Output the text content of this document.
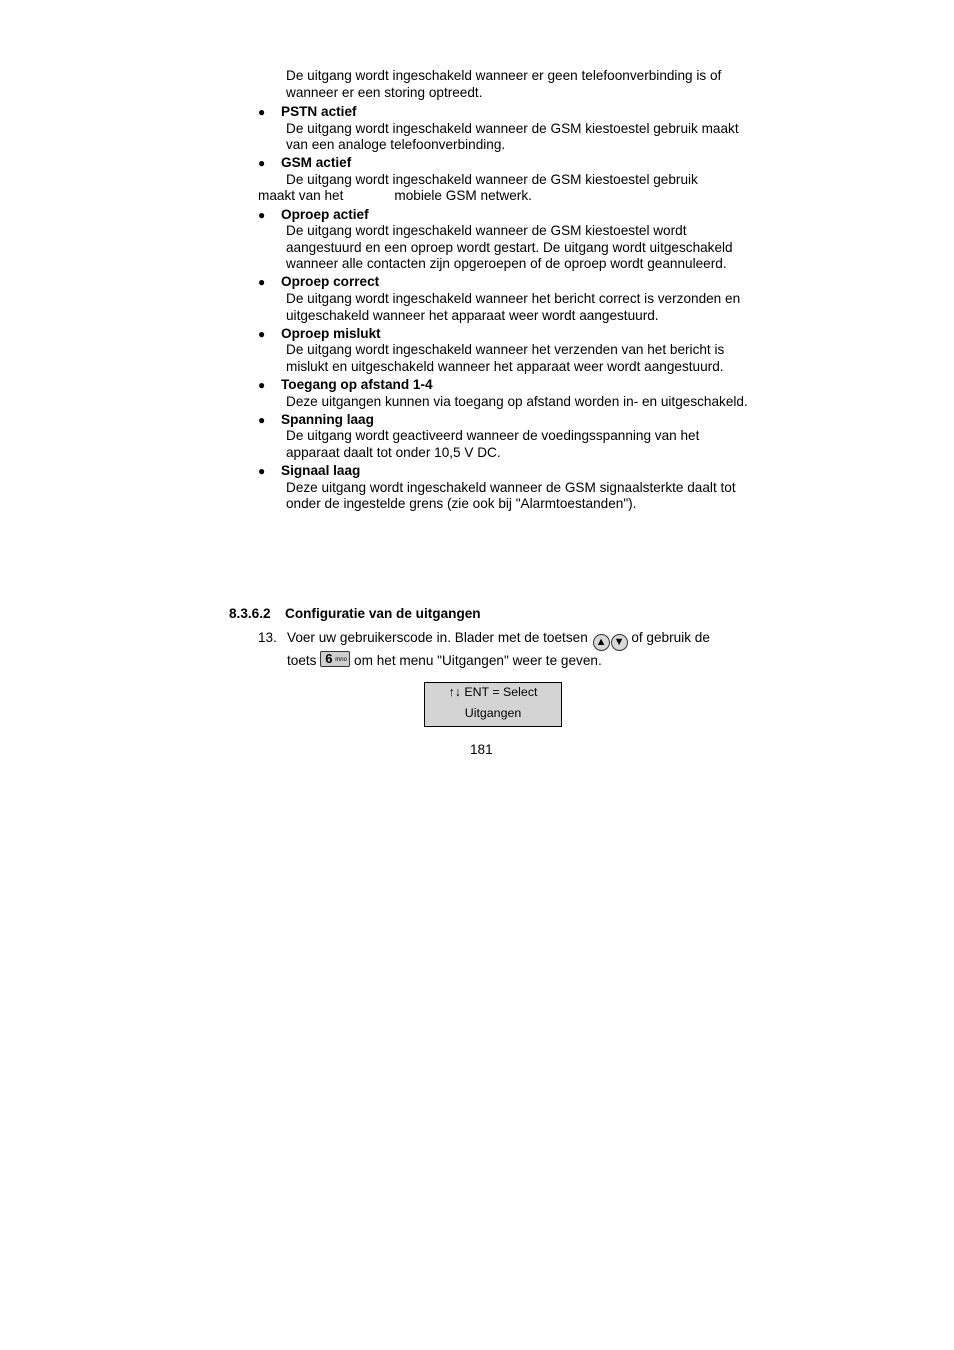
De uitgang wordt ingeschakeld wanneer er geen telefoonverbinding is of wanneer er een storing optreedt.
● PSTN actief
De uitgang wordt ingeschakeld wanneer de GSM kiestoestel gebruik maakt van een analoge telefoonverbinding.
● GSM actief
De uitgang wordt ingeschakeld wanneer de GSM kiestoestel gebruik
maakt van het	mobiele GSM netwerk.
● Oproep actief
De uitgang wordt ingeschakeld wanneer de GSM kiestoestel wordt aangestuurd en een oproep wordt gestart. De uitgang wordt uitgeschakeld wanneer alle contacten zijn opgeroepen of de oproep wordt geannuleerd.
● Oproep correct
De uitgang wordt ingeschakeld wanneer het bericht correct is verzonden en uitgeschakeld wanneer het apparaat weer wordt aangestuurd.
● Oproep mislukt
De uitgang wordt ingeschakeld wanneer het verzenden van het bericht is mislukt en uitgeschakeld wanneer het apparaat weer wordt aangestuurd.
● Toegang op afstand 1-4
Deze uitgangen kunnen via toegang op afstand worden in- en uitgeschakeld.
● Spanning laag
De uitgang wordt geactiveerd wanneer de voedingsspanning van het apparaat daalt tot onder 10,5 V DC.
● Signaal laag
Deze uitgang wordt ingeschakeld wanneer de GSM signaalsterkte daalt tot onder de ingestelde grens (zie ook bij "Alarmtoestanden").
8.3.6.2 Configuratie van de uitgangen
13. Voer uw gebruikerscode in. Blader met de toetsen ▲ ▼ of gebruik de
toets 6 mno om het menu "Uitgangen" weer te geven.
↑↓ ENT = Select
Uitgangen
181
